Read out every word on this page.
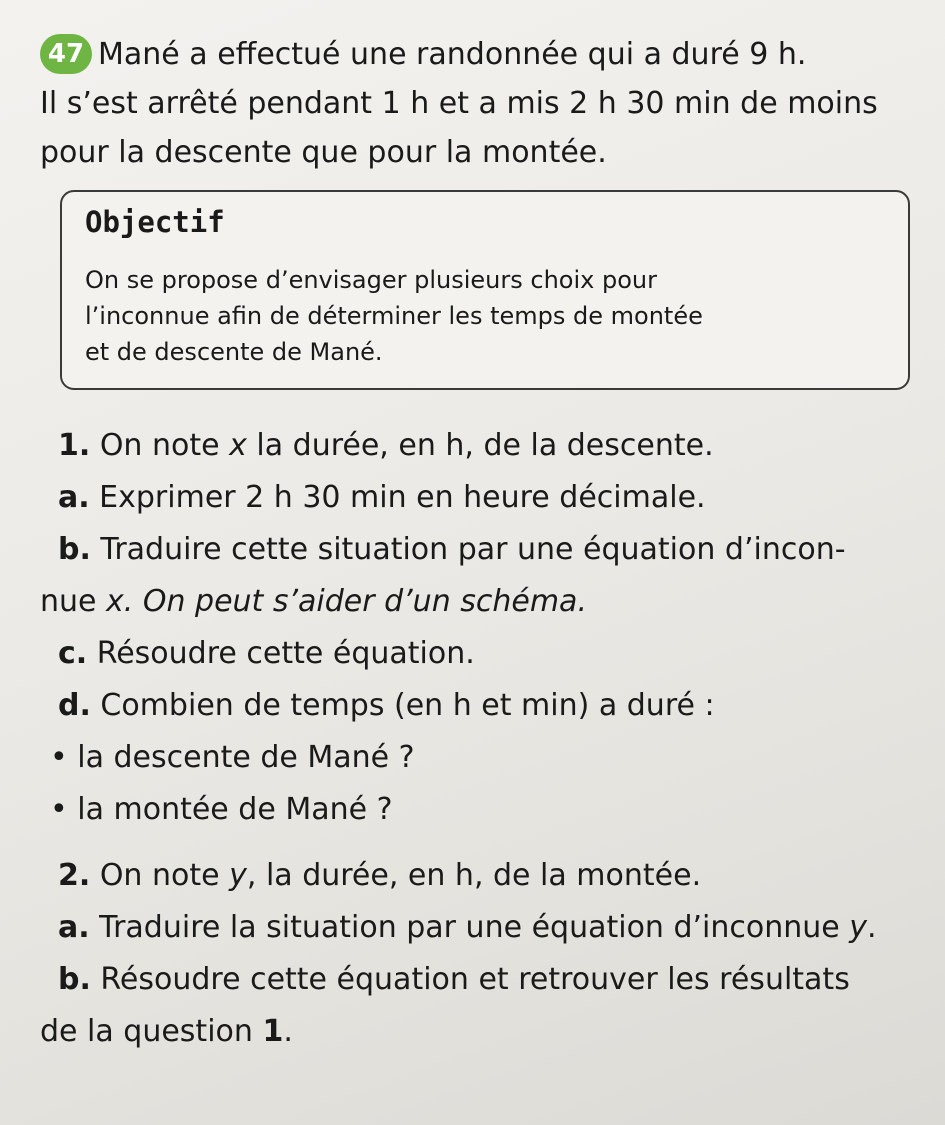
47 Mané a effectué une randonnée qui a duré 9 h.
Il s’est arrêté pendant 1 h et a mis 2 h 30 min de moins
pour la descente que pour la montée.
Objectif
On se propose d’envisager plusieurs choix pour
l’inconnue afin de déterminer les temps de montée
et de descente de Mané.
1. On note x la durée, en h, de la descente.
a. Exprimer 2 h 30 min en heure décimale.
b. Traduire cette situation par une équation d’incon-
nue x. On peut s’aider d’un schéma.
c. Résoudre cette équation.
d. Combien de temps (en h et min) a duré :
• la descente de Mané ?
• la montée de Mané ?
2. On note y, la durée, en h, de la montée.
a. Traduire la situation par une équation d’inconnue y.
b. Résoudre cette équation et retrouver les résultats
de la question 1.
